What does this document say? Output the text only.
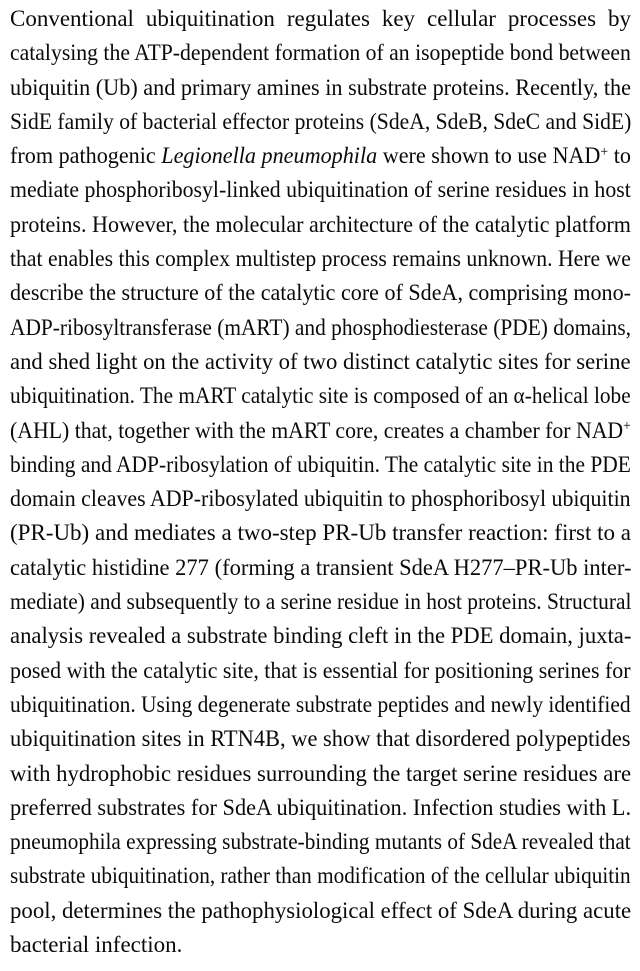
Conventional ubiquitination regulates key cellular processes by
catalysing the ATP-dependent formation of an isopeptide bond between
ubiquitin (Ub) and primary amines in substrate proteins. Recently, the
SidE family of bacterial effector proteins (SdeA, SdeB, SdeC and SidE)
from pathogenic Legionella pneumophila were shown to use NAD+ to
mediate phosphoribosyl-linked ubiquitination of serine residues in host
proteins. However, the molecular architecture of the catalytic platform
that enables this complex multistep process remains unknown. Here we
describe the structure of the catalytic core of SdeA, comprising mono-
ADP-ribosyltransferase (mART) and phosphodiesterase (PDE) domains,
and shed light on the activity of two distinct catalytic sites for serine
ubiquitination. The mART catalytic site is composed of an α-helical lobe
(AHL) that, together with the mART core, creates a chamber for NAD+
binding and ADP-ribosylation of ubiquitin. The catalytic site in the PDE
domain cleaves ADP-ribosylated ubiquitin to phosphoribosyl ubiquitin
(PR-Ub) and mediates a two-step PR-Ub transfer reaction: first to a
catalytic histidine 277 (forming a transient SdeA H277–PR-Ub inter-
mediate) and subsequently to a serine residue in host proteins. Structural
analysis revealed a substrate binding cleft in the PDE domain, juxta-
posed with the catalytic site, that is essential for positioning serines for
ubiquitination. Using degenerate substrate peptides and newly identified
ubiquitination sites in RTN4B, we show that disordered polypeptides
with hydrophobic residues surrounding the target serine residues are
preferred substrates for SdeA ubiquitination. Infection studies with L.
pneumophila expressing substrate-binding mutants of SdeA revealed that
substrate ubiquitination, rather than modification of the cellular ubiquitin
pool, determines the pathophysiological effect of SdeA during acute
bacterial infection.
